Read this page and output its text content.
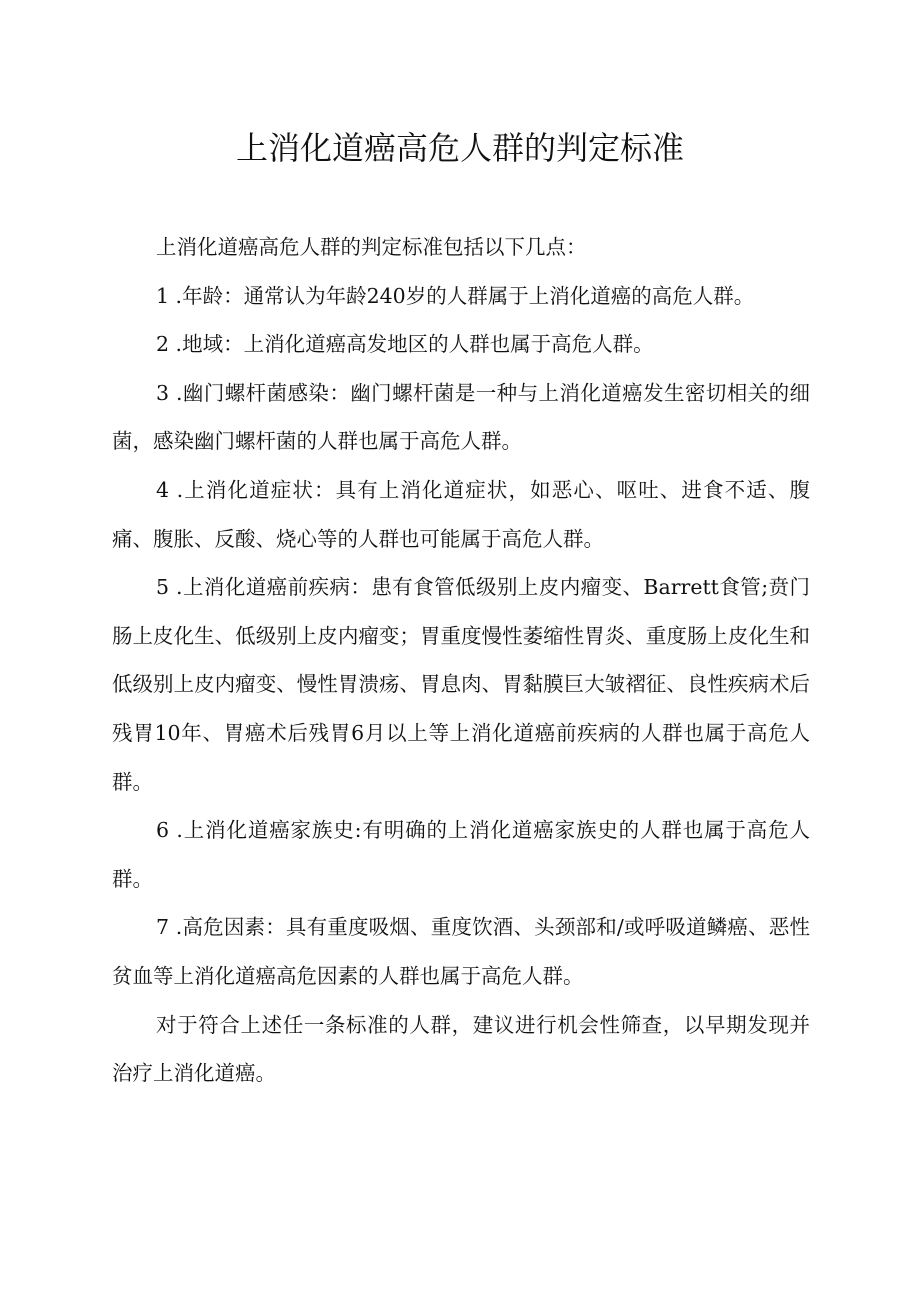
上消化道癌高危人群的判定标准

上消化道癌高危人群的判定标准包括以下几点：

1 .年龄：通常认为年龄240岁的人群属于上消化道癌的高危人群。

2 .地域：上消化道癌高发地区的人群也属于高危人群。

3 .幽门螺杆菌感染：幽门螺杆菌是一种与上消化道癌发生密切相关的细菌，感染幽门螺杆菌的人群也属于高危人群。

4 .上消化道症状：具有上消化道症状，如恶心、呕吐、进食不适、腹痛、腹胀、反酸、烧心等的人群也可能属于高危人群。

5 .上消化道癌前疾病：患有食管低级别上皮内瘤变、Barrett食管;贲门肠上皮化生、低级别上皮内瘤变；胃重度慢性萎缩性胃炎、重度肠上皮化生和低级别上皮内瘤变、慢性胃溃疡、胃息肉、胃黏膜巨大皱褶征、良性疾病术后残胃10年、胃癌术后残胃6月以上等上消化道癌前疾病的人群也属于高危人群。

6 .上消化道癌家族史:有明确的上消化道癌家族史的人群也属于高危人群。

7 .高危因素：具有重度吸烟、重度饮酒、头颈部和/或呼吸道鳞癌、恶性贫血等上消化道癌高危因素的人群也属于高危人群。

对于符合上述任一条标准的人群，建议进行机会性筛查，以早期发现并治疗上消化道癌。
